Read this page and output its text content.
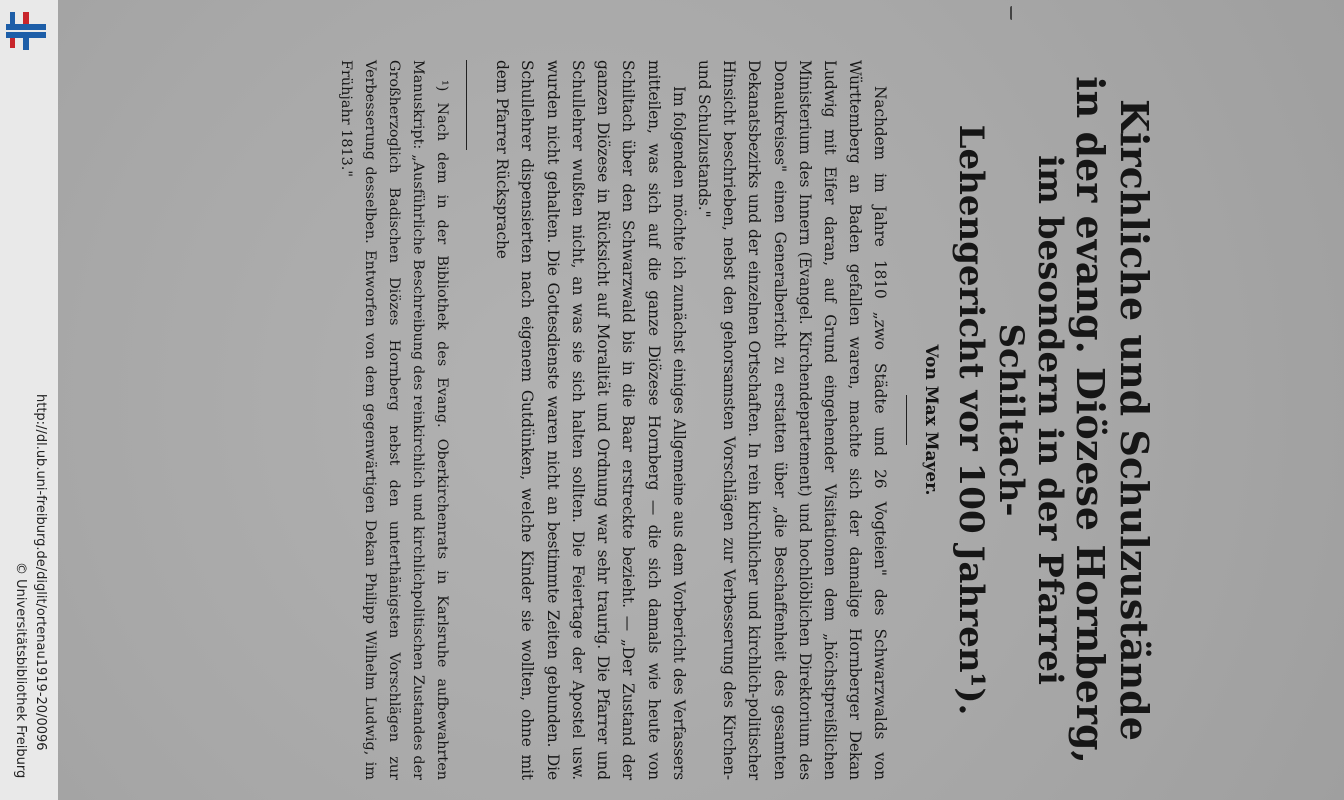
http://dl.ub.uni-freiburg.de/diglit/ortenau1919-20/0096
© Universitätsbibliothek Freiburg	Kirchliche und Schulzustände

in der evang. Diözese Hornberg,

im besondern in der Pfarrei Schiltach-

Lehengericht vor 100 Jahren¹).

Von Max Mayer.

Nachdem im Jahre 1810 „zwo Städte und 26 Vogteien" des Schwarzwalds von Württemberg an Baden gefallen waren, machte sich der damalige Hornberger Dekan Ludwig mit Eifer daran, auf Grund eingehender Visitationen dem „höchstpreißlichen Ministerium des Innern (Evangel. Kirchendepartement) und hochlöblichen Direktorium des Donaukreises" einen Generalbericht zu erstatten über „die Beschaffenheit des gesamten Dekanatsbezirks und der einzelnen Ortschaften. In rein kirchlicher und kirchlich-politischer Hinsicht beschrieben, nebst den gehorsamsten Vorschlägen zur Verbesserung des Kirchen- und Schulzustands."

Im folgenden möchte ich zunächst einiges Allgemeine aus dem Vorbericht des Verfassers mitteilen, was sich auf die ganze Diözese Hornberg — die sich damals wie heute von Schiltach über den Schwarzwald bis in die Baar erstreckte bezieht. — „Der Zustand der ganzen Diözese in Rücksicht auf Moralität und Ordnung war sehr traurig. Die Pfarrer und Schullehrer wußten nicht, an was sie sich halten sollten. Die Feiertage der Apostel usw. wurden nicht gehalten. Die Gottesdienste waren nicht an bestimmte Zeiten gebunden. Die Schullehrer dispensierten nach eigenem Gutdünken, welche Kinder sie wollten, ohne mit dem Pfarrer Rücksprache

¹) Nach dem in der Bibliothek des Evang. Oberkirchenrats in Karlsruhe aufbewahrten Manuskript: „Ausführliche Beschreibung des reinkirchlich und kirchlichpolitischen Zustandes der Großherzoglich Badischen Diözes Hornberg nebst den unterthänigsten Vorschlägen zur Verbesserung desselben. Entworfen von dem gegenwärtigen Dekan Philipp Wilhelm Ludwig, im Frühjahr 1813."
